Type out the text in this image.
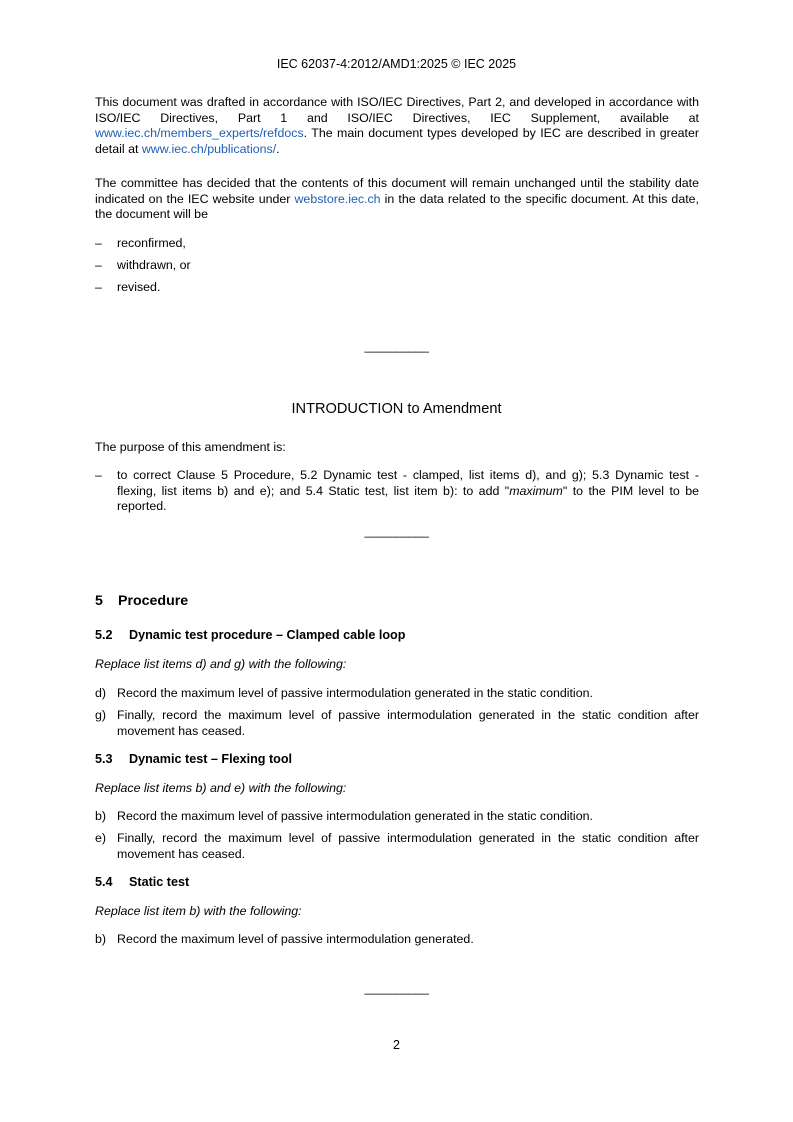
IEC 62037-4:2012/AMD1:2025 © IEC 2025
This document was drafted in accordance with ISO/IEC Directives, Part 2, and developed in accordance with ISO/IEC Directives, Part 1 and ISO/IEC Directives, IEC Supplement, available at www.iec.ch/members_experts/refdocs. The main document types developed by IEC are described in greater detail at www.iec.ch/publications/.
The committee has decided that the contents of this document will remain unchanged until the stability date indicated on the IEC website under webstore.iec.ch in the data related to the specific document. At this date, the document will be
– reconfirmed,
– withdrawn, or
– revised.
__________
INTRODUCTION to Amendment
The purpose of this amendment is:
– to correct Clause 5 Procedure, 5.2 Dynamic test - clamped, list items d), and g); 5.3 Dynamic test - flexing, list items b) and e); and 5.4 Static test, list item b): to add "maximum" to the PIM level to be reported.
__________
5 Procedure
5.2 Dynamic test procedure – Clamped cable loop
Replace list items d) and g) with the following:
d) Record the maximum level of passive intermodulation generated in the static condition.
g) Finally, record the maximum level of passive intermodulation generated in the static condition after movement has ceased.
5.3 Dynamic test – Flexing tool
Replace list items b) and e) with the following:
b) Record the maximum level of passive intermodulation generated in the static condition.
e) Finally, record the maximum level of passive intermodulation generated in the static condition after movement has ceased.
5.4 Static test
Replace list item b) with the following:
b) Record the maximum level of passive intermodulation generated.
__________
2
